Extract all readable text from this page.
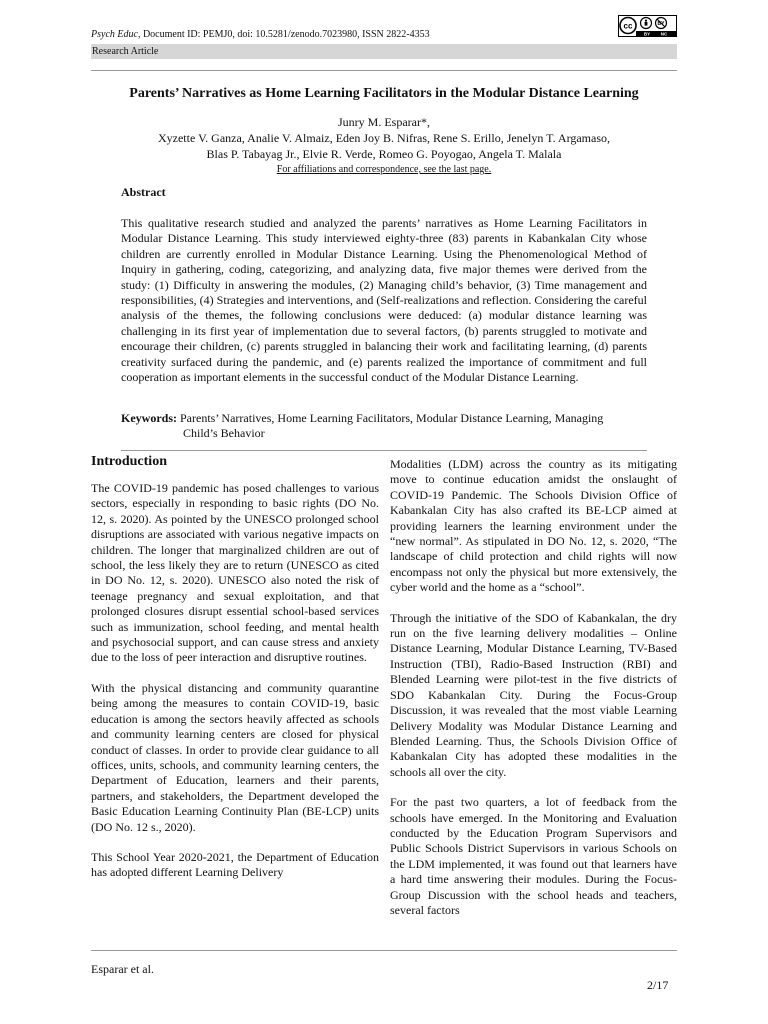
Psych Educ, Document ID: PEMJ0, doi: 10.5281/zenodo.7023980, ISSN 2822-4353
cc	BY
BY NC
Research Article
Parents’ Narratives as Home Learning Facilitators in the Modular Distance Learning
Junry M. Esparar*,
Xyzette V. Ganza, Analie V. Almaiz, Eden Joy B. Nifras, Rene S. Erillo, Jenelyn T. Argamaso,
Blas P. Tabayag Jr., Elvie R. Verde, Romeo G. Poyogao, Angela T. Malala
For affiliations and correspondence, see the last page.
Abstract

This qualitative research studied and analyzed the parents’ narratives as Home Learning Facilitators in Modular Distance Learning. This study interviewed eighty-three (83) parents in Kabankalan City whose children are currently enrolled in Modular Distance Learning. Using the Phenomenological Method of Inquiry in gathering, coding, categorizing, and analyzing data, five major themes were derived from the study: (1) Difficulty in answering the modules, (2) Managing child’s behavior, (3) Time management and responsibilities, (4) Strategies and interventions, and (Self-realizations and reflection. Considering the careful analysis of the themes, the following conclusions were deduced: (a) modular distance learning was challenging in its first year of implementation due to several factors, (b) parents struggled to motivate and encourage their children, (c) parents struggled in balancing their work and facilitating learning, (d) parents creativity surfaced during the pandemic, and (e) parents realized the importance of commitment and full cooperation as important elements in the successful conduct of the Modular Distance Learning.

Keywords: Parents’ Narratives, Home Learning Facilitators, Modular Distance Learning, Managing
Child’s Behavior
Introduction

The COVID-19 pandemic has posed challenges to various sectors, especially in responding to basic rights (DO No. 12, s. 2020). As pointed by the UNESCO prolonged school disruptions are associated with various negative impacts on children. The longer that marginalized children are out of school, the less likely they are to return (UNESCO as cited in DO No. 12, s. 2020). UNESCO also noted the risk of teenage pregnancy and sexual exploitation, and that prolonged closures disrupt essential school-based services such as immunization, school feeding, and mental health and psychosocial support, and can cause stress and anxiety due to the loss of peer interaction and disruptive routines.

With the physical distancing and community quarantine being among the measures to contain COVID-19, basic education is among the sectors heavily affected as schools and community learning centers are closed for physical conduct of classes. In order to provide clear guidance to all offices, units, schools, and community learning centers, the Department of Education, learners and their parents, partners, and stakeholders, the Department developed the Basic Education Learning Continuity Plan (BE-LCP) units (DO No. 12 s., 2020).

This School Year 2020-2021, the Department of Education has adopted different Learning Delivery

Modalities (LDM) across the country as its mitigating move to continue education amidst the onslaught of COVID-19 Pandemic. The Schools Division Office of Kabankalan City has also crafted its BE-LCP aimed at providing learners the learning environment under the “new normal”. As stipulated in DO No. 12, s. 2020, “The landscape of child protection and child rights will now encompass not only the physical but more extensively, the cyber world and the home as a “school”.

Through the initiative of the SDO of Kabankalan, the dry run on the five learning delivery modalities – Online Distance Learning, Modular Distance Learning, TV-Based Instruction (TBI), Radio-Based Instruction (RBI) and Blended Learning were pilot-test in the five districts of SDO Kabankalan City. During the Focus-Group Discussion, it was revealed that the most viable Learning Delivery Modality was Modular Distance Learning and Blended Learning. Thus, the Schools Division Office of Kabankalan City has adopted these modalities in the schools all over the city.

For the past two quarters, a lot of feedback from the schools have emerged. In the Monitoring and Evaluation conducted by the Education Program Supervisors and Public Schools District Supervisors in various Schools on the LDM implemented, it was found out that learners have a hard time answering their modules. During the Focus-Group Discussion with the school heads and teachers, several factors

Esparar et al.
2/17
